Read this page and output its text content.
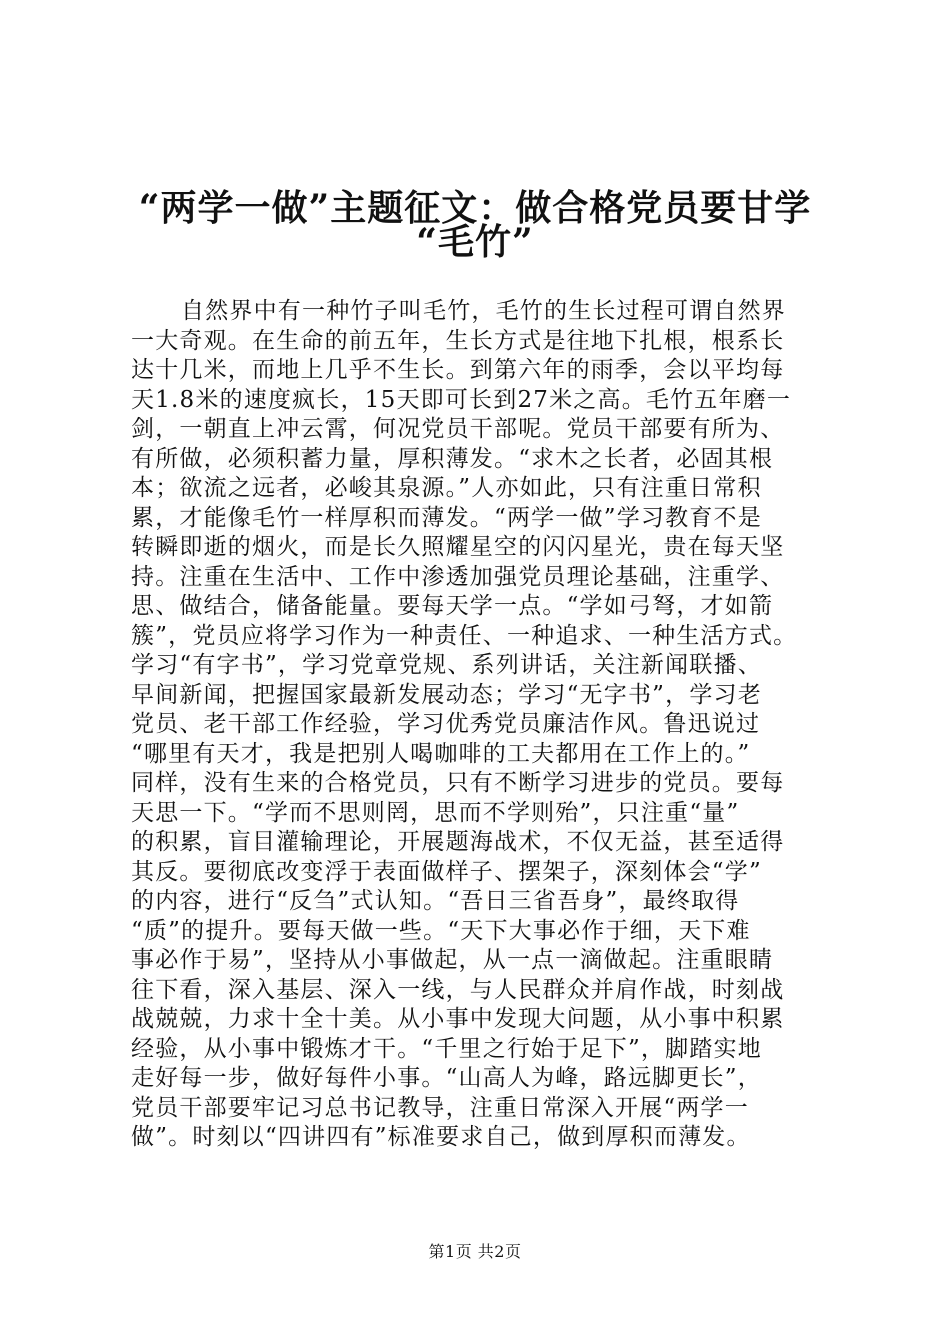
“两学一做”主题征文：做合格党员要甘学
“毛竹”
自然界中有一种竹子叫毛竹，毛竹的生长过程可谓自然界
一大奇观。在生命的前五年，生长方式是往地下扎根，根系长
达十几米，而地上几乎不生长。到第六年的雨季，会以平均每
天1.8米的速度疯长，15天即可长到27米之高。毛竹五年磨一
剑，一朝直上冲云霄，何况党员干部呢。党员干部要有所为、
有所做，必须积蓄力量，厚积薄发。“求木之长者，必固其根
本；欲流之远者，必峻其泉源。”人亦如此，只有注重日常积
累，才能像毛竹一样厚积而薄发。“两学一做”学习教育不是
转瞬即逝的烟火，而是长久照耀星空的闪闪星光，贵在每天坚
持。注重在生活中、工作中渗透加强党员理论基础，注重学、
思、做结合，储备能量。要每天学一点。“学如弓弩，才如箭
簇”，党员应将学习作为一种责任、一种追求、一种生活方式。
学习“有字书”，学习党章党规、系列讲话，关注新闻联播、
早间新闻，把握国家最新发展动态；学习“无字书”，学习老
党员、老干部工作经验，学习优秀党员廉洁作风。鲁迅说过
“哪里有天才，我是把别人喝咖啡的工夫都用在工作上的。”
同样，没有生来的合格党员，只有不断学习进步的党员。要每
天思一下。“学而不思则罔，思而不学则殆”，只注重“量”
的积累，盲目灌输理论，开展题海战术，不仅无益，甚至适得
其反。要彻底改变浮于表面做样子、摆架子，深刻体会“学”
的内容，进行“反刍”式认知。“吾日三省吾身”，最终取得
“质”的提升。要每天做一些。“天下大事必作于细，天下难
事必作于易”，坚持从小事做起，从一点一滴做起。注重眼睛
往下看，深入基层、深入一线，与人民群众并肩作战，时刻战
战兢兢，力求十全十美。从小事中发现大问题，从小事中积累
经验，从小事中锻炼才干。“千里之行始于足下”，脚踏实地
走好每一步，做好每件小事。“山高人为峰，路远脚更长”，
党员干部要牢记习总书记教导，注重日常深入开展“两学一
做”。时刻以“四讲四有”标准要求自己，做到厚积而薄发。
第1页 共2页
